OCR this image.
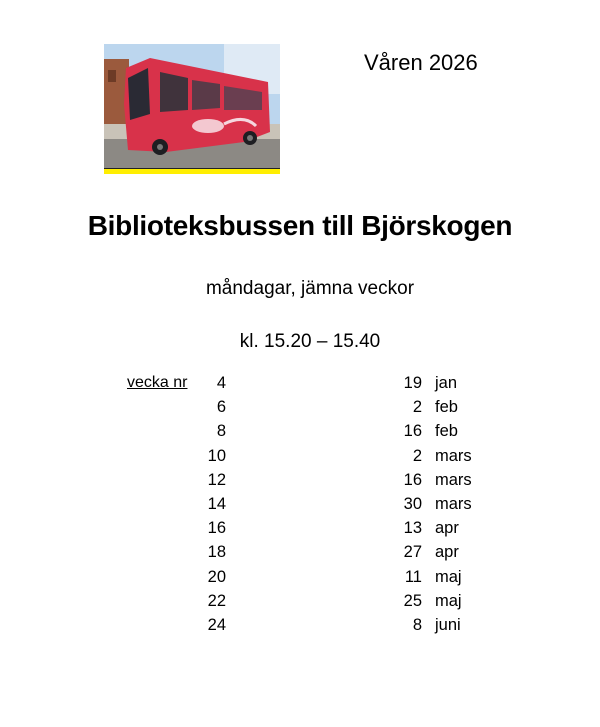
Våren 2026
Biblioteksbussen till Björskogen
måndagar, jämna veckor
kl. 15.20 – 15.40
vecka nr 4	19 jan
6	2 feb
8	16 feb
10	2 mars
12	16 mars
14	30 mars
16	13 apr
18	27 apr
20	11 maj
22	25 maj
24	8 juni
